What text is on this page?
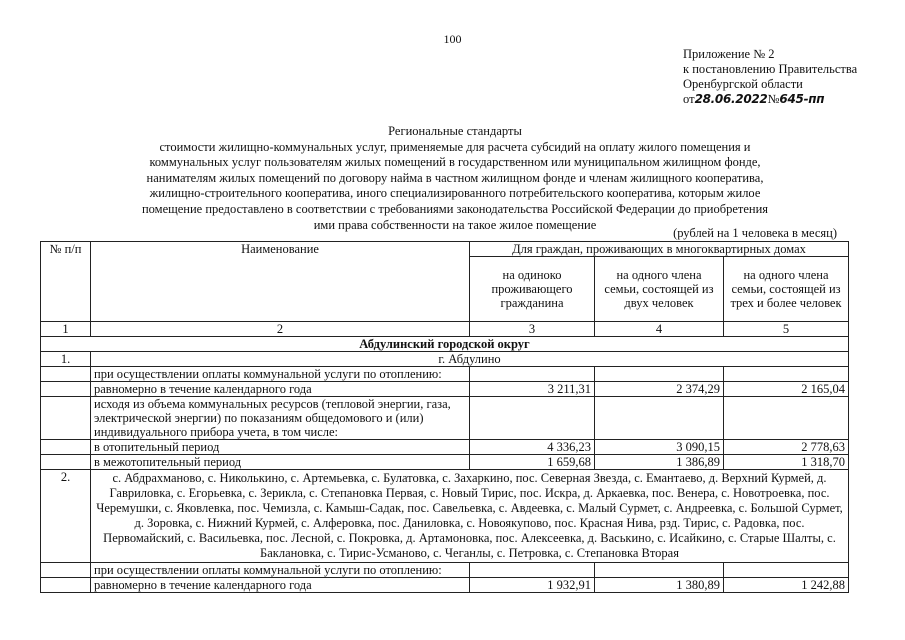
100
Приложение № 2
к постановлению Правительства
Оренбургской области
от28.06.2022№645-пп
Региональные стандарты
стоимости жилищно-коммунальных услуг, применяемые для расчета субсидий на оплату жилого помещения и
коммунальных услуг пользователям жилых помещений в государственном или муниципальном жилищном фонде,
нанимателям жилых помещений по договору найма в частном жилищном фонде и членам жилищного кооператива,
жилищно-строительного кооператива, иного специализированного потребительского кооператива, которым жилое
помещение предоставлено в соответствии с требованиями законодательства Российской Федерации до приобретения
ими права собственности на такое жилое помещение
(рублей на 1 человека в месяц)
№ п/п	Наименование	Для граждан, проживающих в многоквартирных домах		
		на одиноко проживающего гражданина	на одного члена семьи, состоящей из двух человек	на одного члена семьи, состоящей из трех и более человек
1	2	3	4	5
Абдулинский городской округ				
1.	г. Абдулино			
	при осуществлении оплаты коммунальной услуги по отоплению:			
	равномерно в течение календарного года	3 211,31	2 374,29	2 165,04
	исходя из объема коммунальных ресурсов (тепловой энергии, газа, электрической энергии) по показаниям общедомового и (или) индивидуального прибора учета, в том числе:			
	в отопительный период	4 336,23	3 090,15	2 778,63
	в межотопительный период	1 659,68	1 386,89	1 318,70
2.	с. Абдрахманово, с. Николькино, с. Артемьевка, с. Булатовка, с. Захаркино, пос. Северная Звезда, с. Емантаево, д. Верхний Курмей, д. Гавриловка, с. Егорьевка, с. Зерикла, с. Степановка Первая, с. Новый Тирис, пос. Искра, д. Аркаевка, пос. Венера, с. Новотроевка, пос. Черемушки, с. Яковлевка, пос. Чемизла, с. Камыш-Садак, пос. Савельевка, с. Авдеевка, с. Малый Сурмет, с. Андреевка, с. Большой Сурмет, д. Зоровка, с. Нижний Курмей, с. Алферовка, пос. Даниловка, с. Новоякупово, пос. Красная Нива, рзд. Тирис, с. Радовка, пос. Первомайский, с. Васильевка, пос. Лесной, с. Покровка, д. Артамоновка, пос. Алексеевка, д. Васькино, с. Исайкино, с. Старые Шалты, с. Баклановка, с. Тирис-Усманово, с. Чеганлы, с. Петровка, с. Степановка Вторая			
	при осуществлении оплаты коммунальной услуги по отоплению:			
	равномерно в течение календарного года	1 932,91	1 380,89	1 242,88
